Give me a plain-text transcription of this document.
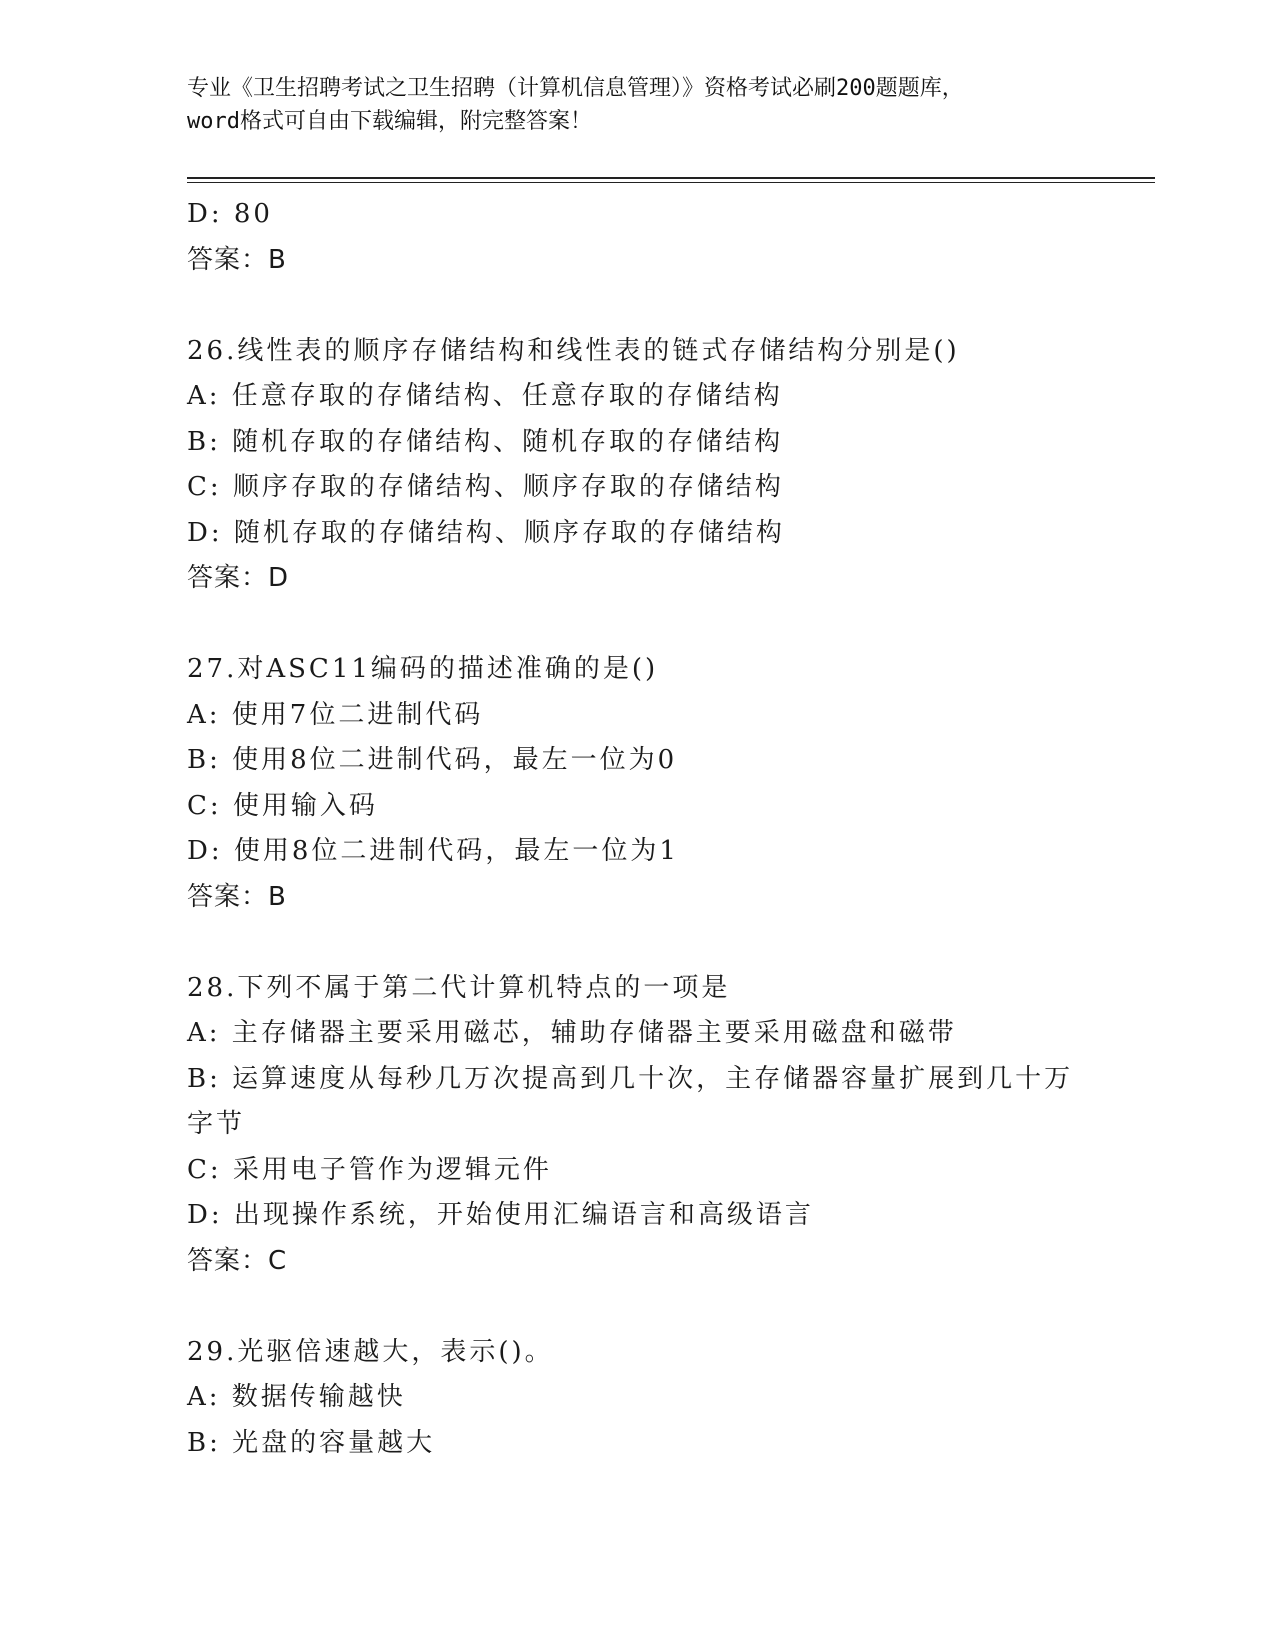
专业《卫生招聘考试之卫生招聘（计算机信息管理）》资格考试必刷200题题库，
word格式可自由下载编辑，附完整答案！
D: 80
答案：B
26.线性表的顺序存储结构和线性表的链式存储结构分别是()
A: 任意存取的存储结构、任意存取的存储结构
B: 随机存取的存储结构、随机存取的存储结构
C: 顺序存取的存储结构、顺序存取的存储结构
D: 随机存取的存储结构、顺序存取的存储结构
答案：D
27.对ASC11编码的描述准确的是()
A: 使用7位二进制代码
B: 使用8位二进制代码，最左一位为0
C: 使用输入码
D: 使用8位二进制代码，最左一位为1
答案：B
28.下列不属于第二代计算机特点的一项是
A: 主存储器主要采用磁芯，辅助存储器主要采用磁盘和磁带
B: 运算速度从每秒几万次提高到几十次，主存储器容量扩展到几十万
字节
C: 采用电子管作为逻辑元件
D: 出现操作系统，开始使用汇编语言和高级语言
答案：C
29.光驱倍速越大，表示()。
A: 数据传输越快
B: 光盘的容量越大
